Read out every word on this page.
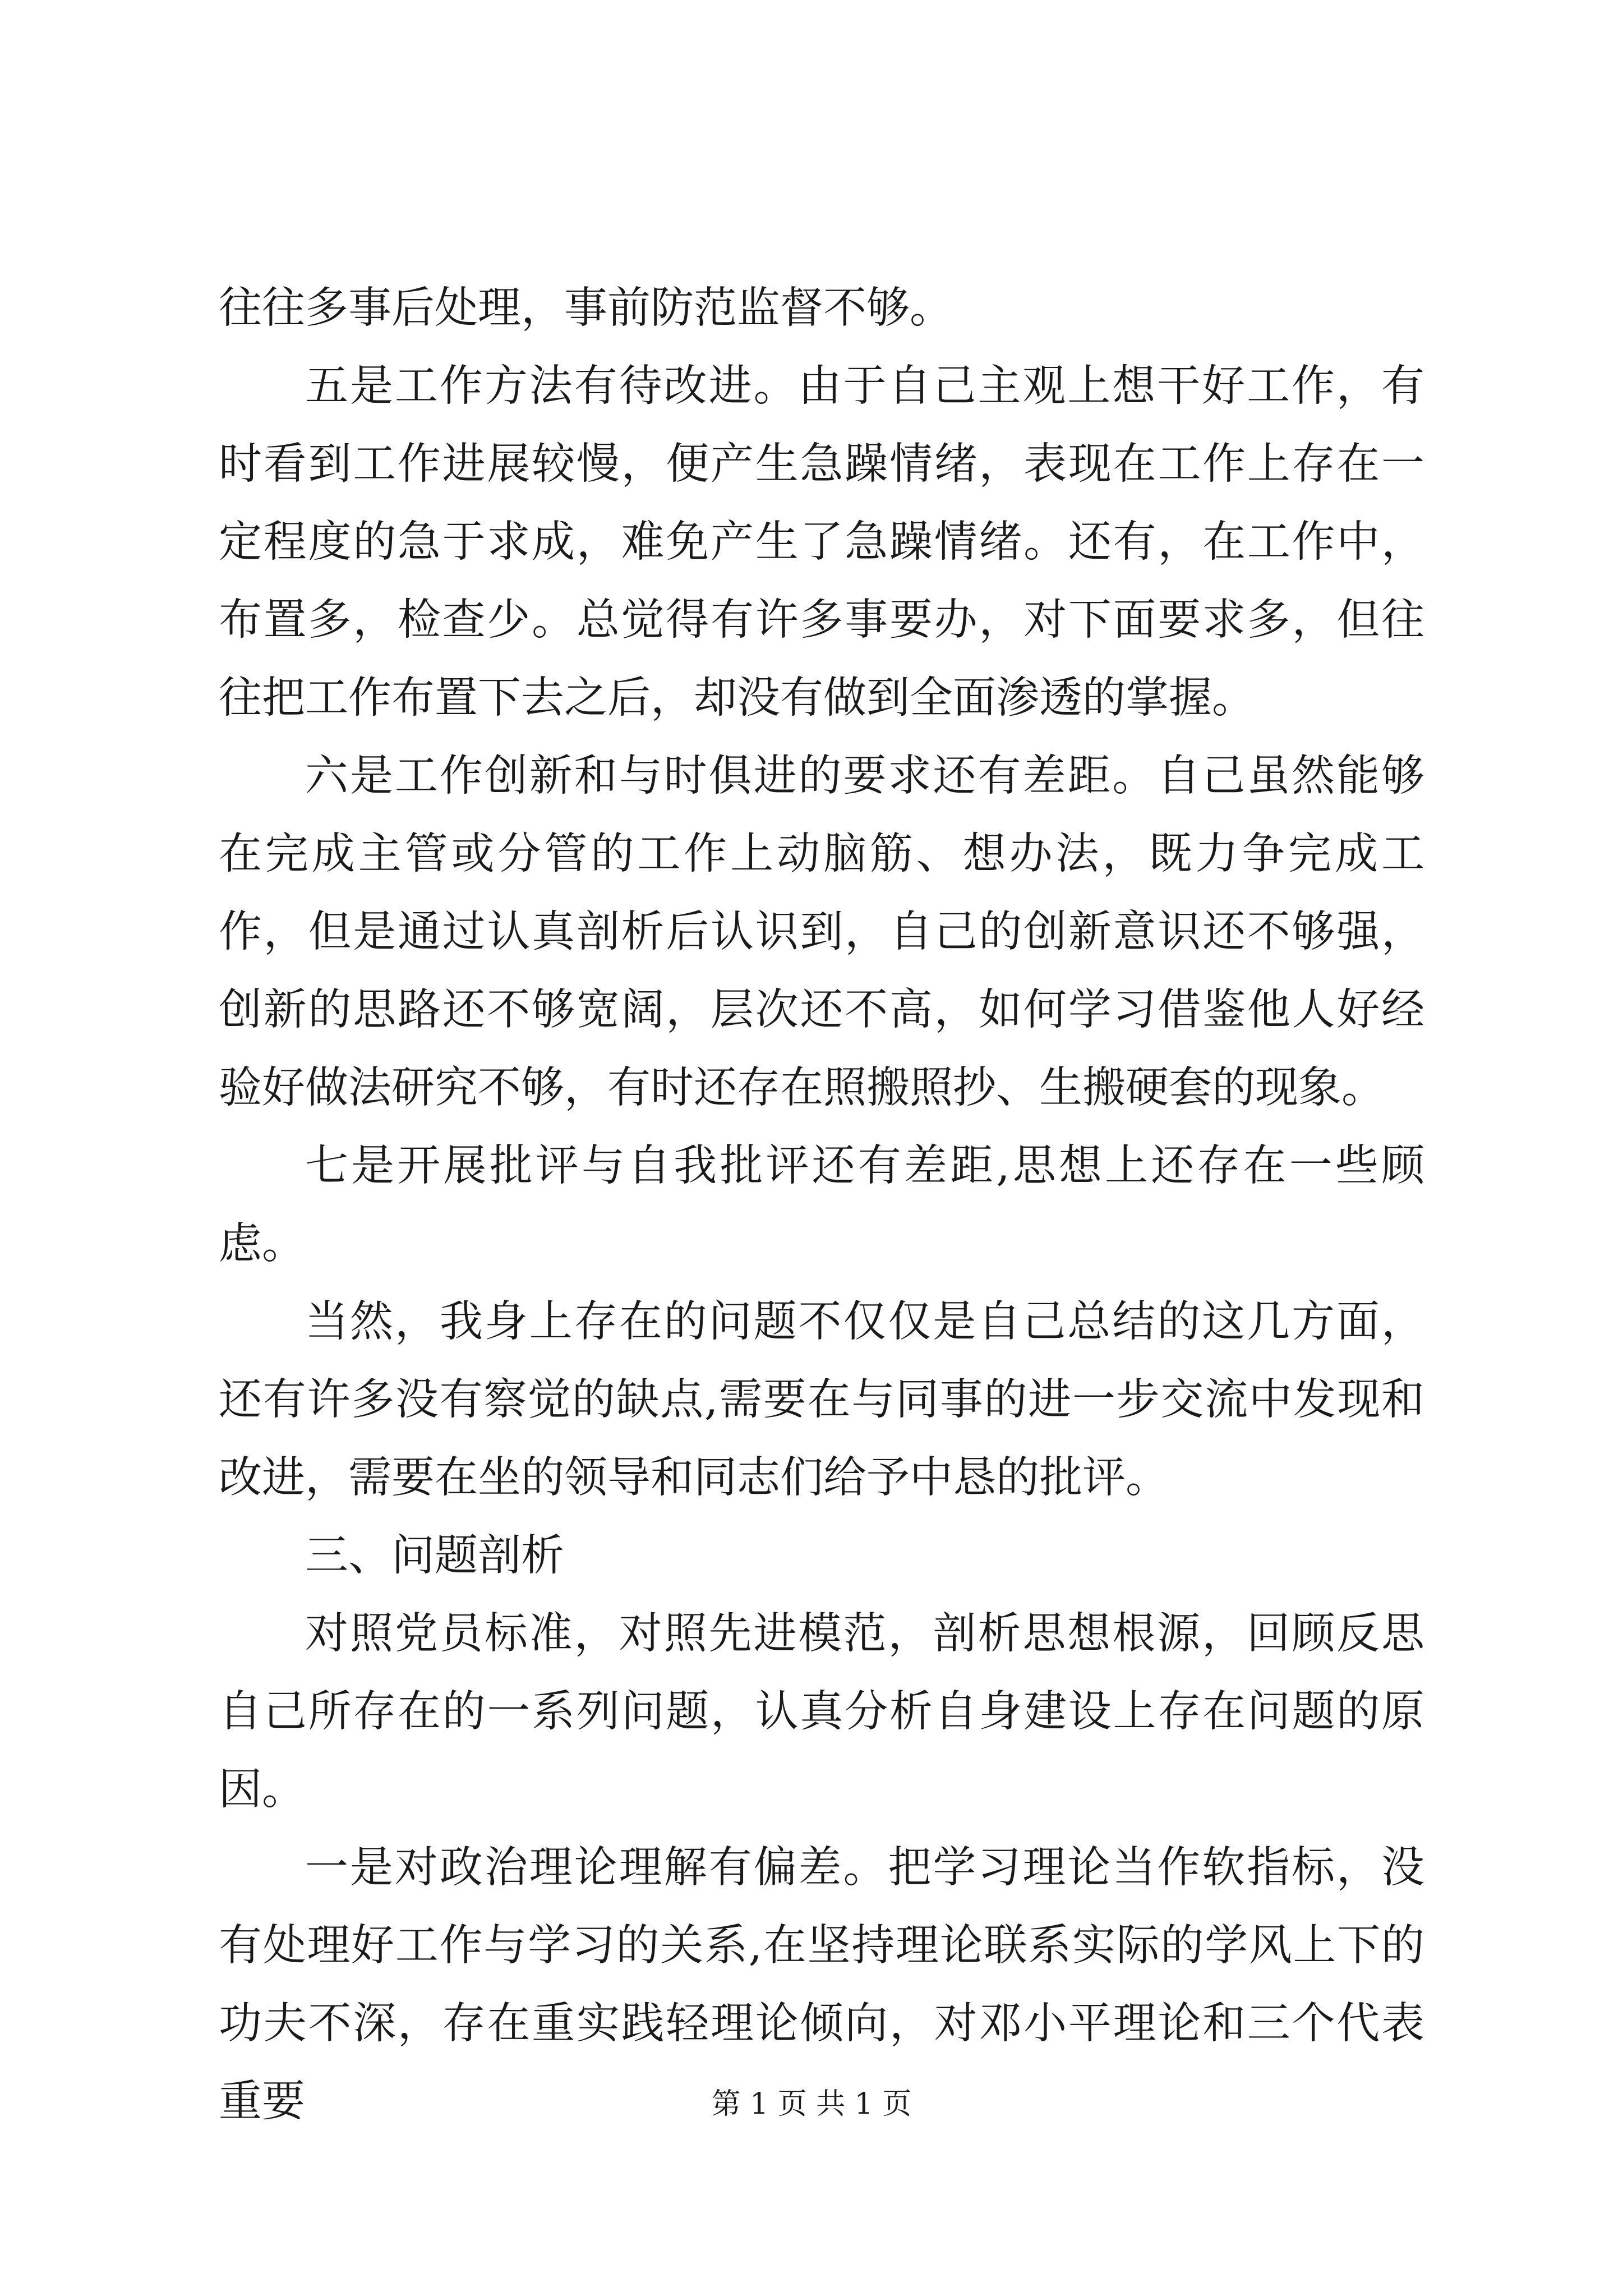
往往多事后处理，事前防范监督不够。

五是工作方法有待改进。由于自己主观上想干好工作，有时看到工作进展较慢，便产生急躁情绪，表现在工作上存在一定程度的急于求成，难免产生了急躁情绪。还有，在工作中，布置多，检查少。总觉得有许多事要办，对下面要求多，但往往把工作布置下去之后，却没有做到全面渗透的掌握。

六是工作创新和与时俱进的要求还有差距。自己虽然能够在完成主管或分管的工作上动脑筋、想办法，既力争完成工作，但是通过认真剖析后认识到，自己的创新意识还不够强，创新的思路还不够宽阔，层次还不高，如何学习借鉴他人好经验好做法研究不够，有时还存在照搬照抄、生搬硬套的现象。

七是开展批评与自我批评还有差距,思想上还存在一些顾虑。

当然，我身上存在的问题不仅仅是自己总结的这几方面，还有许多没有察觉的缺点,需要在与同事的进一步交流中发现和改进，需要在坐的领导和同志们给予中恳的批评。

三、问题剖析

对照党员标准，对照先进模范，剖析思想根源，回顾反思自己所存在的一系列问题，认真分析自身建设上存在问题的原因。

一是对政治理论理解有偏差。把学习理论当作软指标，没有处理好工作与学习的关系,在坚持理论联系实际的学风上下的功夫不深，存在重实践轻理论倾向，对邓小平理论和三个代表重要	第 1 页 共 1 页
